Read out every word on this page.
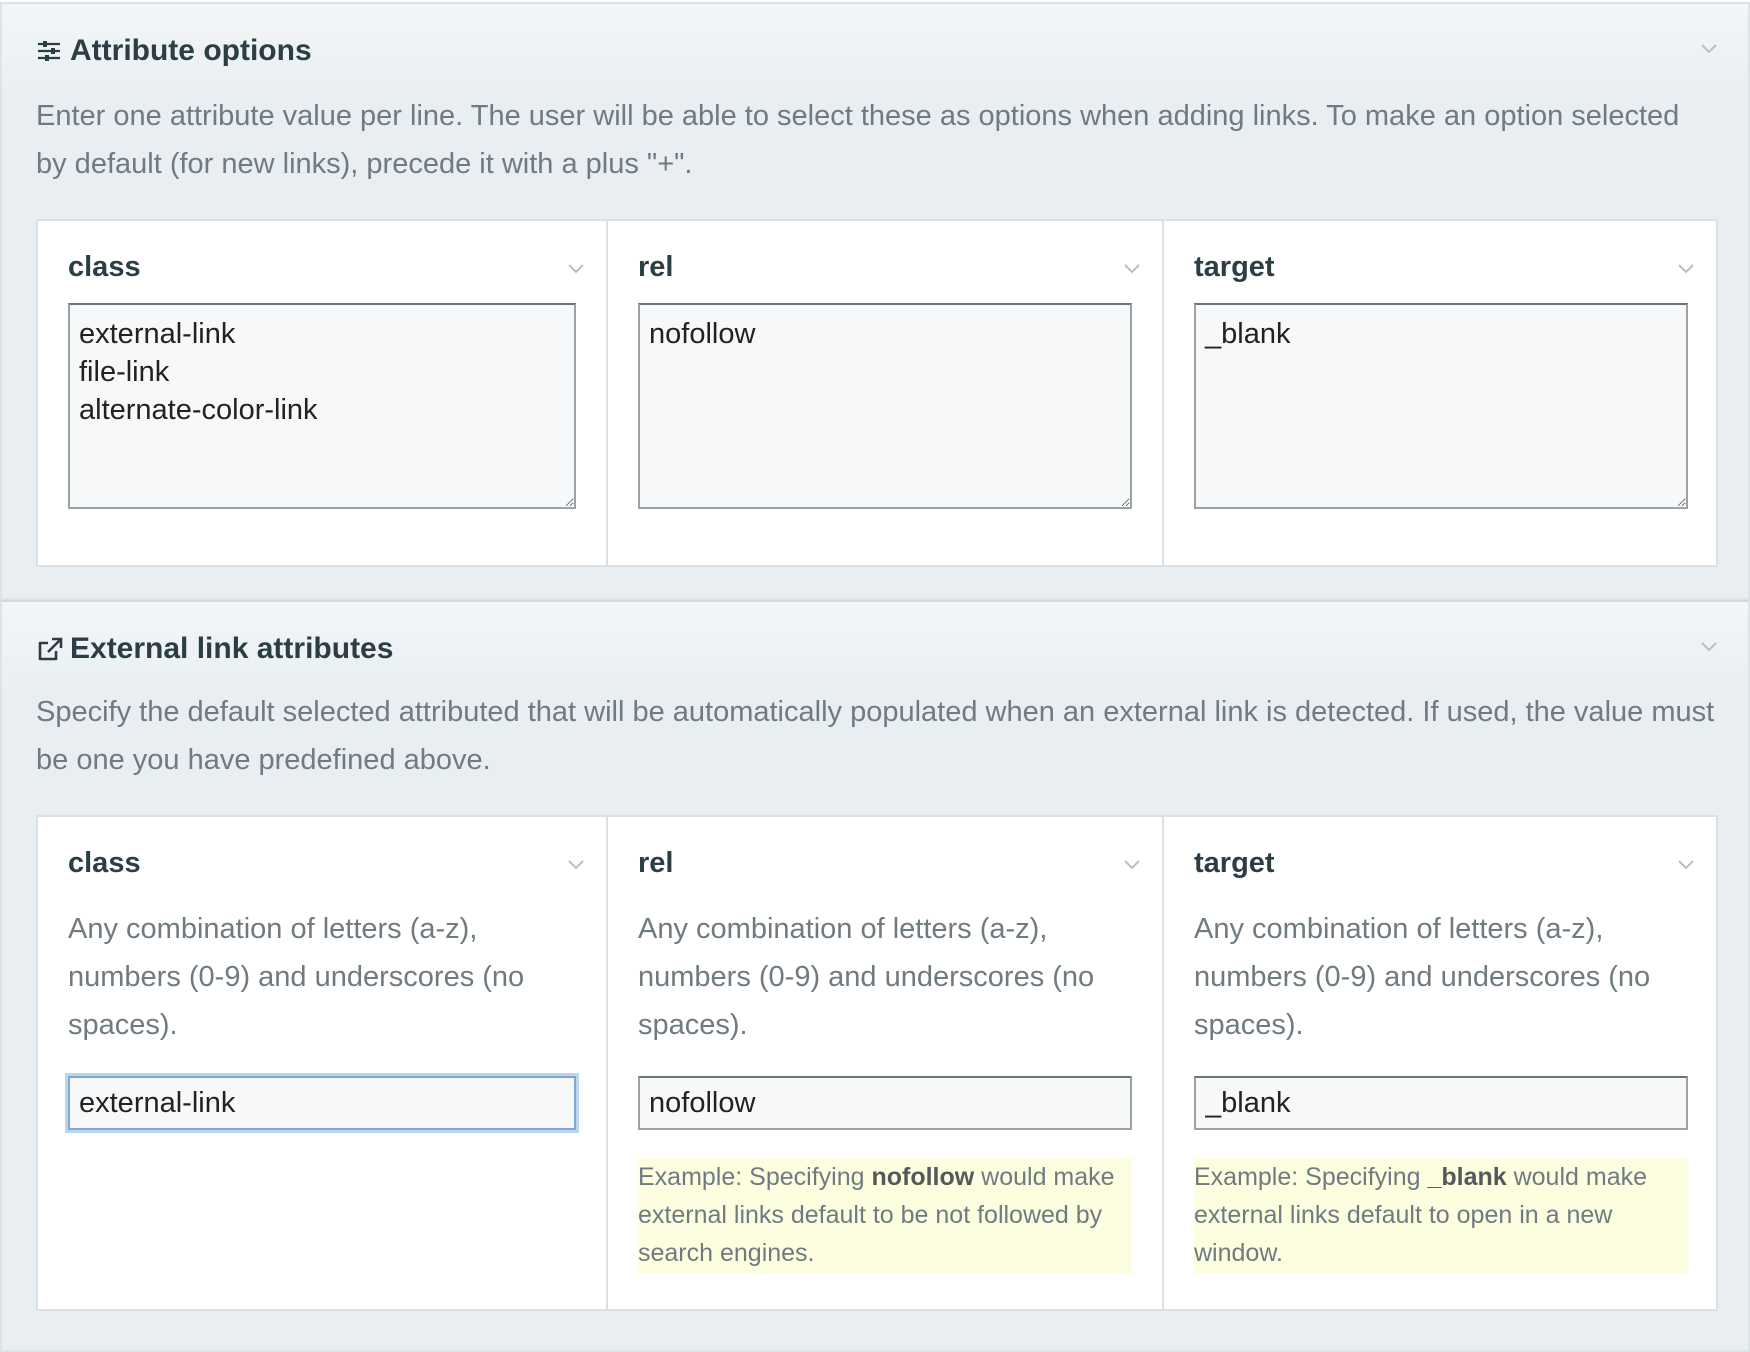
Attribute options

Enter one attribute value per line. The user will be able to select these as options when adding links. To make an option selected by default (for new links), precede it with a plus "+".

class
external-link file-link alternate-color-link	rel
nofollow	target
_blank
External link attributes

Specify the default selected attributed that will be automatically populated when an external link is detected. If used, the value must be one you have predefined above.

class

Any combination of letters (a-z), numbers (0-9) and underscores (no spaces).

external-link
rel

Any combination of letters (a-z), numbers (0-9) and underscores (no spaces).

nofollow
Example: Specifying nofollow would make external links default to be not followed by search engines.
target

Any combination of letters (a-z), numbers (0-9) and underscores (no spaces).

_blank
Example: Specifying _blank would make external links default to open in a new window.
